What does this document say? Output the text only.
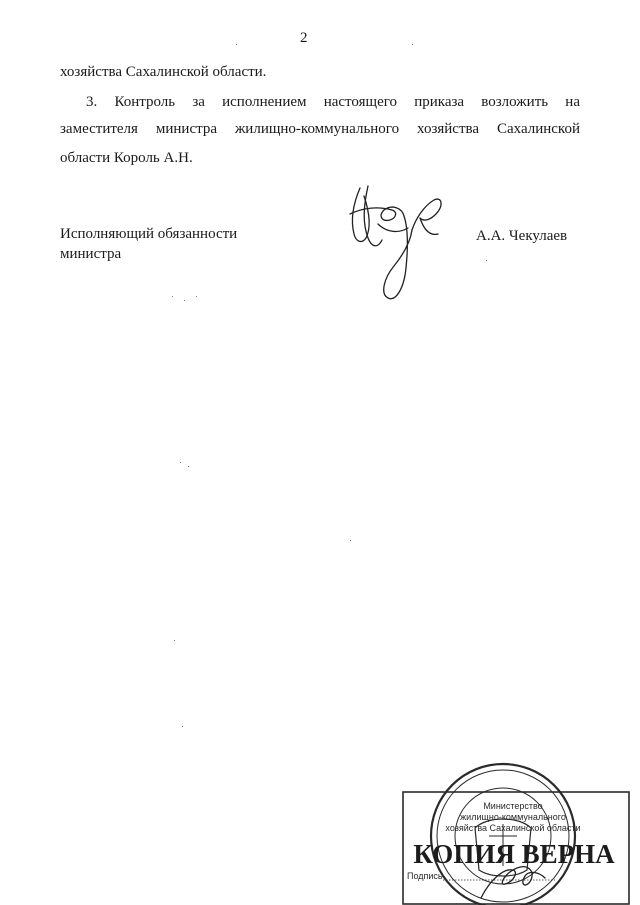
2
хозяйства Сахалинской области.
3. Контроль за исполнением настоящего приказа возложить на
заместителя министра жилищно-коммунального хозяйства Сахалинской
области Король А.Н.
Исполняющий обязанности
министра
А.А. Чекулаев
Министерство
жилищно-коммунального
хозяйства Сахалинской области
КОПИЯ ВЕРНА
Подпись
